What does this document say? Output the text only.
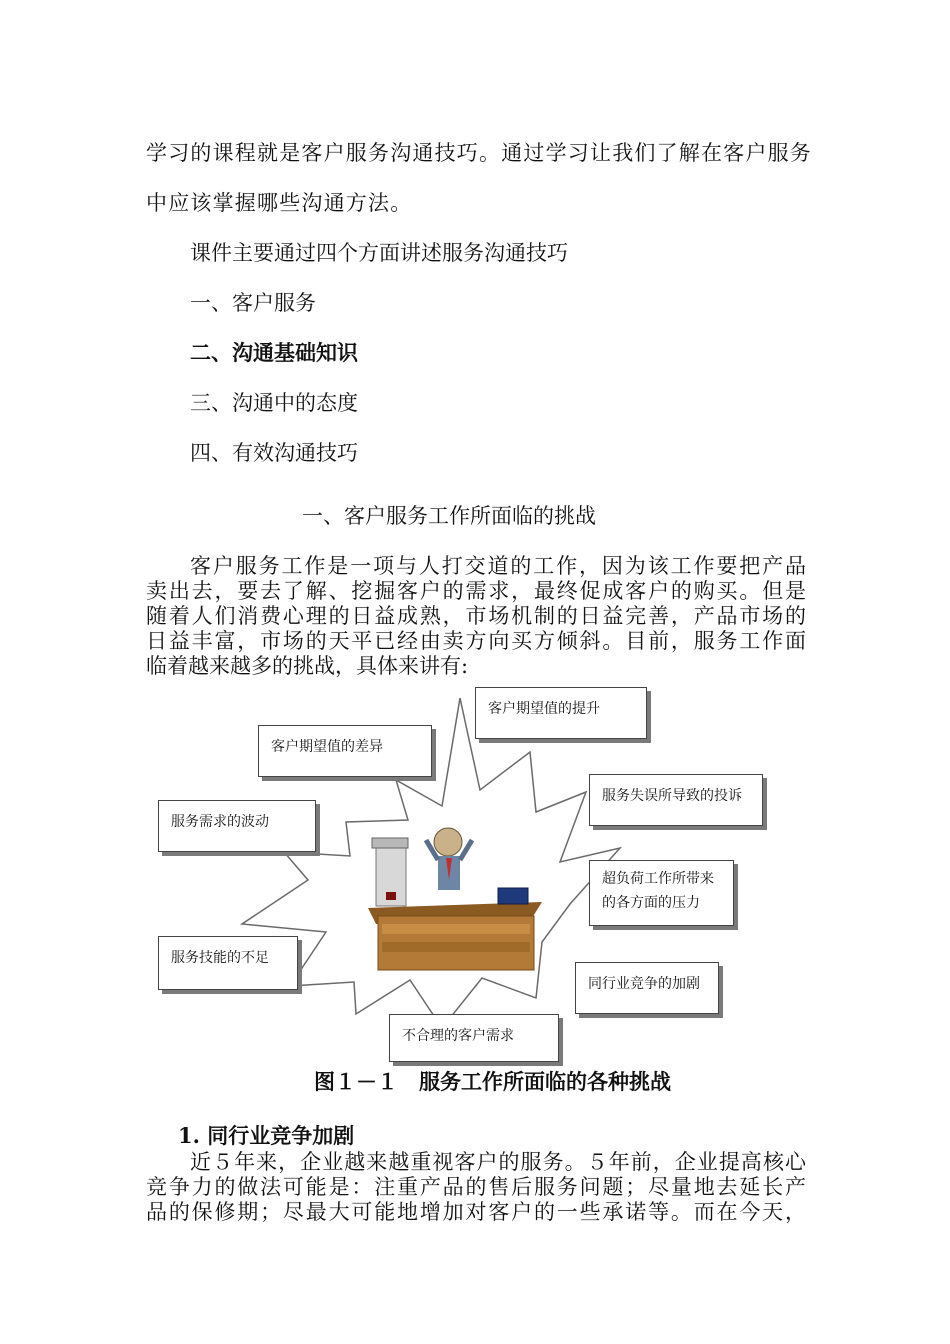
学习的课程就是客户服务沟通技巧。通过学习让我们了解在客户服务
中应该掌握哪些沟通方法。
课件主要通过四个方面讲述服务沟通技巧
一、客户服务
二、沟通基础知识
三、沟通中的态度
四、有效沟通技巧
一、客户服务工作所面临的挑战
客户服务工作是一项与人打交道的工作，因为该工作要把产品
卖出去，要去了解、挖掘客户的需求，最终促成客户的购买。但是
随着人们消费心理的日益成熟，市场机制的日益完善，产品市场的
日益丰富，市场的天平已经由卖方向买方倾斜。目前，服务工作面
临着越来越多的挑战，具体来讲有:
客户期望值的提升
客户期望值的差异
服务失误所导致的投诉
服务需求的波动
超负荷工作所带来的各方面的压力
服务技能的不足
同行业竞争的加剧
不合理的客户需求
图１－１　服务工作所面临的各种挑战
1. 同行业竞争加剧
近５年来，企业越来越重视客户的服务。５年前，企业提高核心
竞争力的做法可能是：注重产品的售后服务问题；尽量地去延长产
品的保修期；尽最大可能地增加对客户的一些承诺等。而在今天，
